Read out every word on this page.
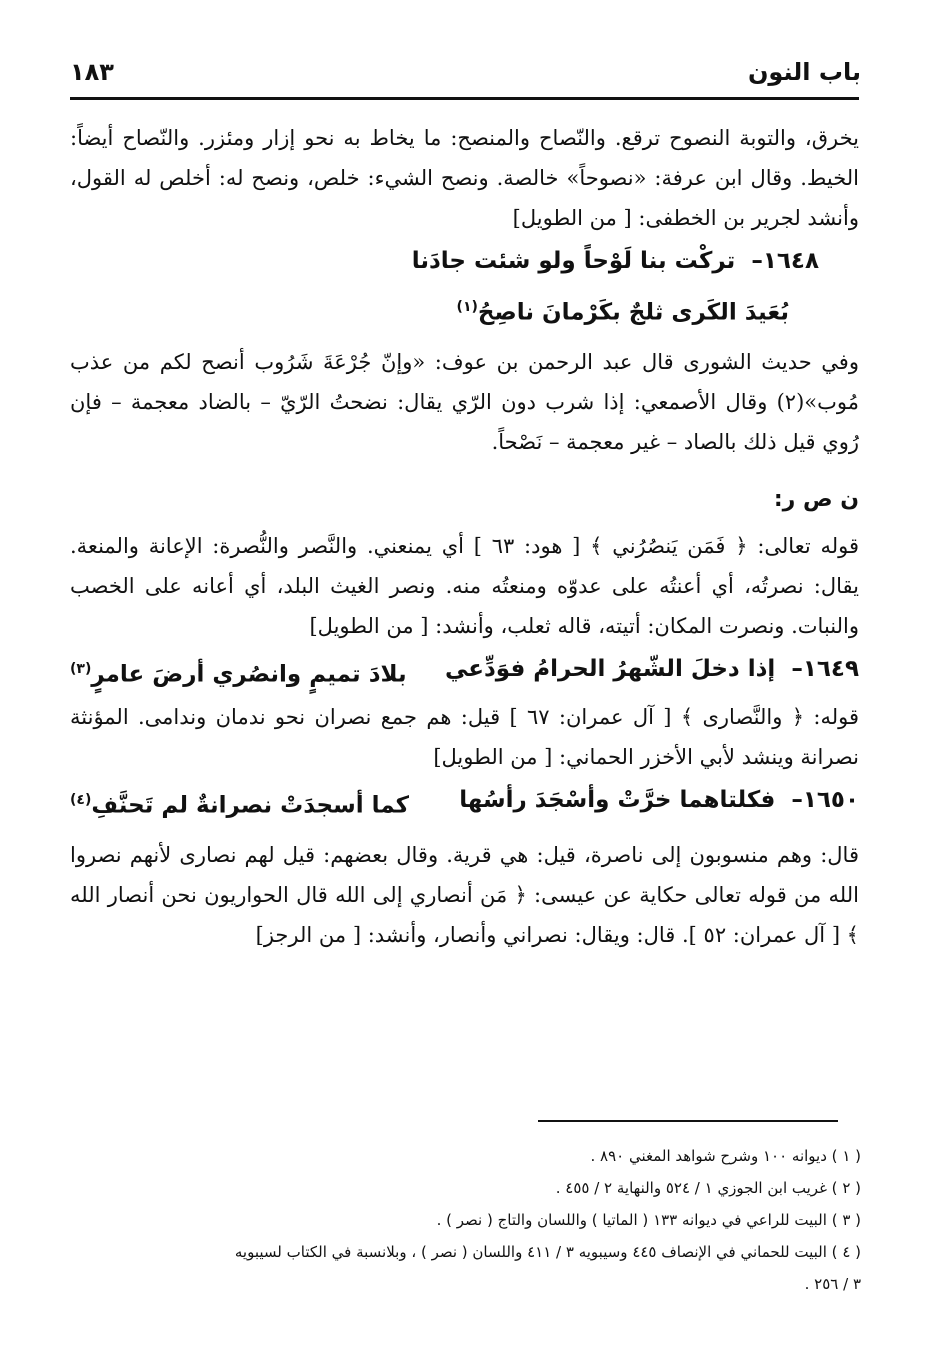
باب النون
١٨٣

يخرق، والتوبة النصوح ترقع. والنّصاح والمنصح: ما يخاط به نحو إزار ومئزر. والنّصاح أيضاً: الخيط. وقال ابن عرفة: «نصوحاً» خالصة. ونصح الشيء: خلص، ونصح له: أخلص له القول، وأنشد لجرير بن الخطفى: [ من الطويل]

١٦٤٨– تركْت بنا لَوْحاً ولو شئت جادَنا
بُعَيدَ الكَرى ثلجٌ بكَرْمانَ ناصِحُ$^{(١)}$

وفي حديث الشورى قال عبد الرحمن بن عوف: «وإنّ جُرْعَةَ شَرُوب أنصح لكم من عذب مُوب»(٢) وقال الأصمعي: إذا شرب دون الرّي يقال: نضحتُ الرّيّ – بالضاد معجمة – فإن رُوي قيل ذلك بالصاد – غير معجمة – نَصْحاً.

ن ص ر:

قوله تعالى: ﴿ فَمَن يَنصُرُني ﴾ [ هود: ٦٣ ] أي يمنعني. والنَّصر والنُّصرة: الإعانة والمنعة. يقال: نصرتُه، أي أعنتُه على عدوّه ومنعتُه منه. ونصر الغيث البلد، أي أعانه على الخصب والنبات. ونصرت المكان: أتيته، قاله ثعلب، وأنشد: [ من الطويل]

١٦٤٩– إذا دخلَ الشّهرُ الحرامُ فوَدِّعي
بلادَ تميمٍ وانصُري أرضَ عامرٍ$^{(٣)}$

قوله: ﴿ والنَّصارى ﴾ [ آل عمران: ٦٧ ] قيل: هم جمع نصران نحو ندمان وندامى. المؤنثة نصرانة وينشد لأبي الأخزر الحماني: [ من الطويل]

١٦٥٠– فكلتاهما خرَّتْ وأسْجَدَ رأسُها
كما أسجدَتْ نصرانةٌ لم تَحنَّفِ$^{(٤)}$

قال: وهم منسوبون إلى ناصرة، قيل: هي قرية. وقال بعضهم: قيل لهم نصارى لأنهم نصروا الله من قوله تعالى حكاية عن عيسى: ﴿ مَن أنصاري إلى الله قال الحواريون نحن أنصار الله ﴾ [ آل عمران: ٥٢ ]. قال: ويقال: نصراني وأنصار، وأنشد: [ من الرجز]

( ١ ) ديوانه ١٠٠ وشرح شواهد المغني ٨٩٠ .
( ٢ ) غريب ابن الجوزي ١ / ٥٢٤ والنهاية ٢ / ٤٥٥ .
( ٣ ) البيت للراعي في ديوانه ١٣٣ ( الماتيا ) واللسان والتاج ( نصر ) .
( ٤ ) البيت للحماني في الإنصاف ٤٤٥ وسيبويه ٣ / ٤١١ واللسان ( نصر ) ، وبلانسبة في الكتاب لسيبويه
٣ / ٢٥٦ .
